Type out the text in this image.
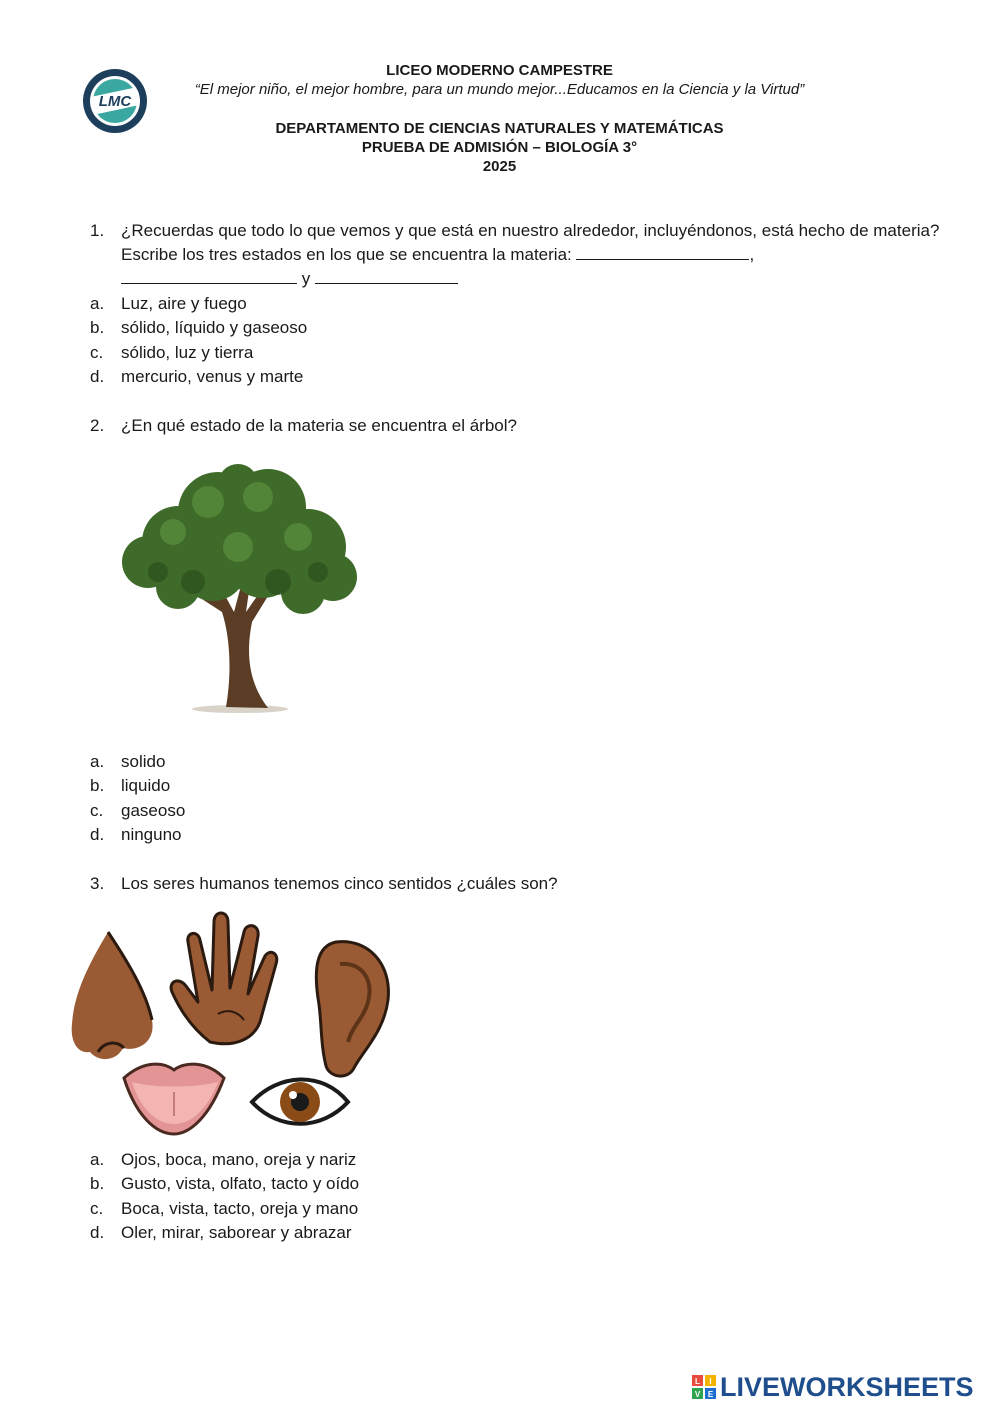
LMC
LICEO MODERNO CAMPESTRE
“El mejor niño, el mejor hombre, para un mundo mejor...Educamos en la Ciencia y la Virtud”
DEPARTAMENTO DE CIENCIAS NATURALES Y MATEMÁTICAS
PRUEBA DE ADMISIÓN – BIOLOGÍA 3°
2025
1. ¿Recuerdas que todo lo que vemos y que está en nuestro alrededor, incluyéndonos, está hecho de materia? Escribe los tres estados en los que se encuentra la materia:	,
y
a. Luz, aire y fuego
b. sólido, líquido y gaseoso
c.	sólido, luz y tierra
d. mercurio, venus y marte
2. ¿En qué estado de la materia se encuentra el árbol?
a. solido
b. liquido
c.	gaseoso
d. ninguno
3. Los seres humanos tenemos cinco sentidos ¿cuáles son?
a. Ojos, boca, mano, oreja y nariz
b. Gusto, vista, olfato, tacto y oído
c.	Boca, vista, tacto, oreja y mano
d. Oler, mirar, saborear y abrazar
L I
V E LIVEWORKSHEETS
